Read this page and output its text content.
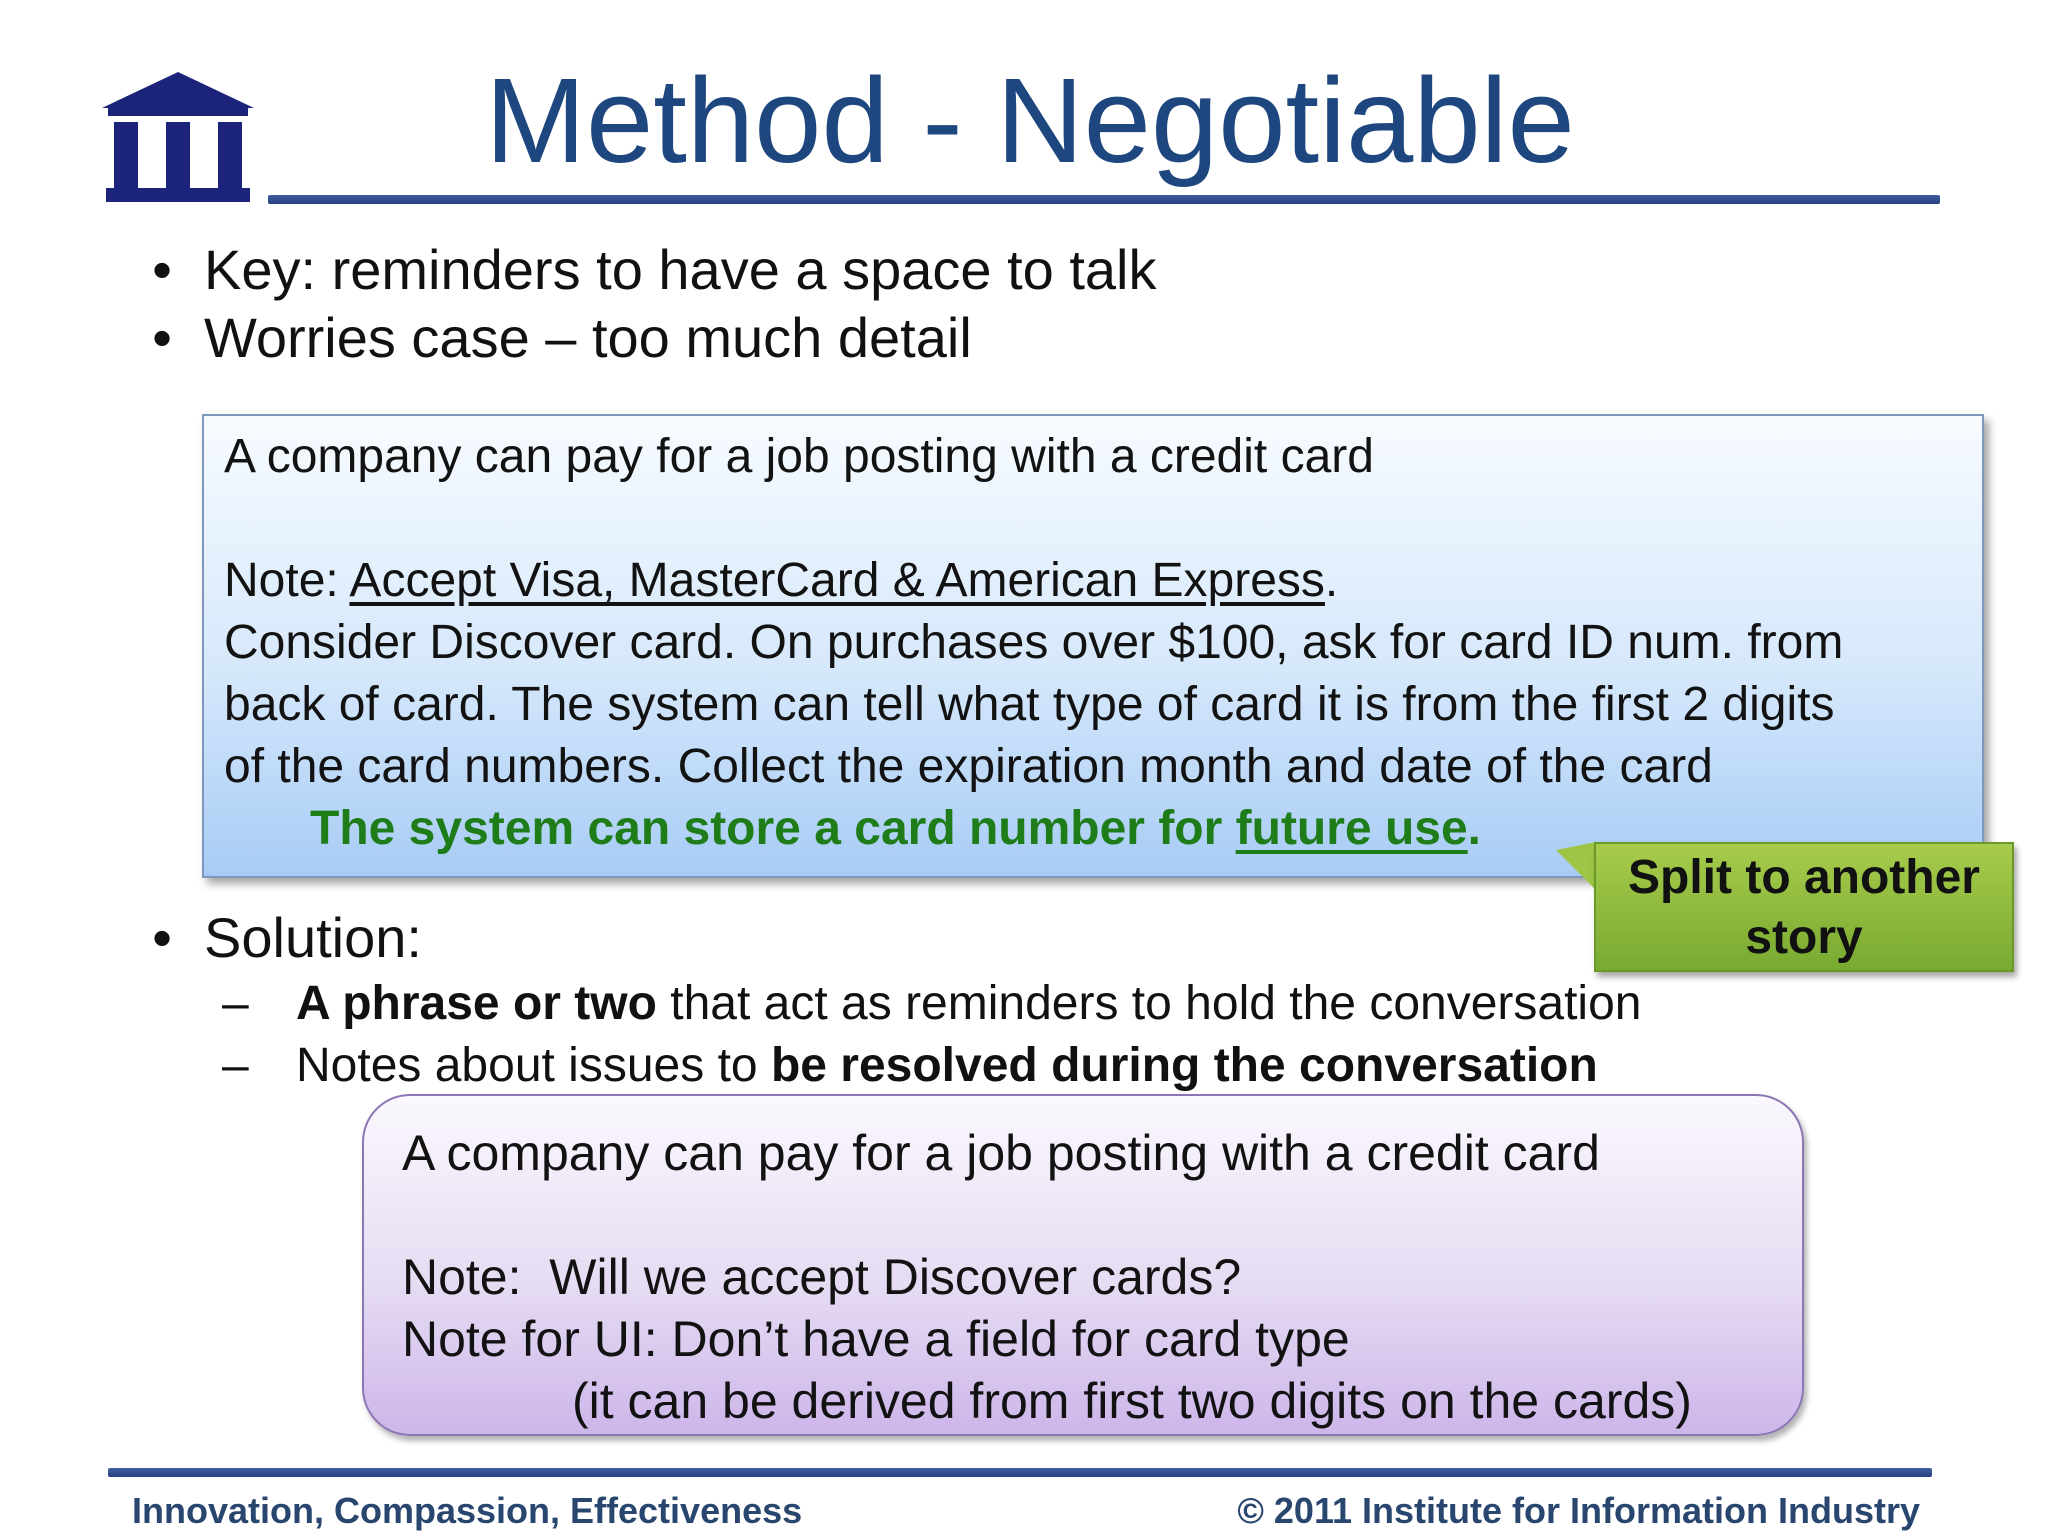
Method - Negotiable
• Key: reminders to have a space to talk
• Worries case – too much detail

A company can pay for a job posting with a credit card

Note: Accept Visa, MasterCard & American Express.

Consider Discover card. On purchases over $100, ask for card ID num. from

back of card. The system can tell what type of card it is from the first 2 digits

of the card numbers. Collect the expiration month and date of the card

The system can store a card number for future use.

Split to another
story
• Solution:
– A phrase or two that act as reminders to hold the conversation
– Notes about issues to be resolved during the conversation

A company can pay for a job posting with a credit card

Note:  Will we accept Discover cards?

Note for UI: Don’t have a field for card type

(it can be derived from first two digits on the cards)

Innovation, Compassion, Effectiveness	© 2011 Institute for Information Industry
